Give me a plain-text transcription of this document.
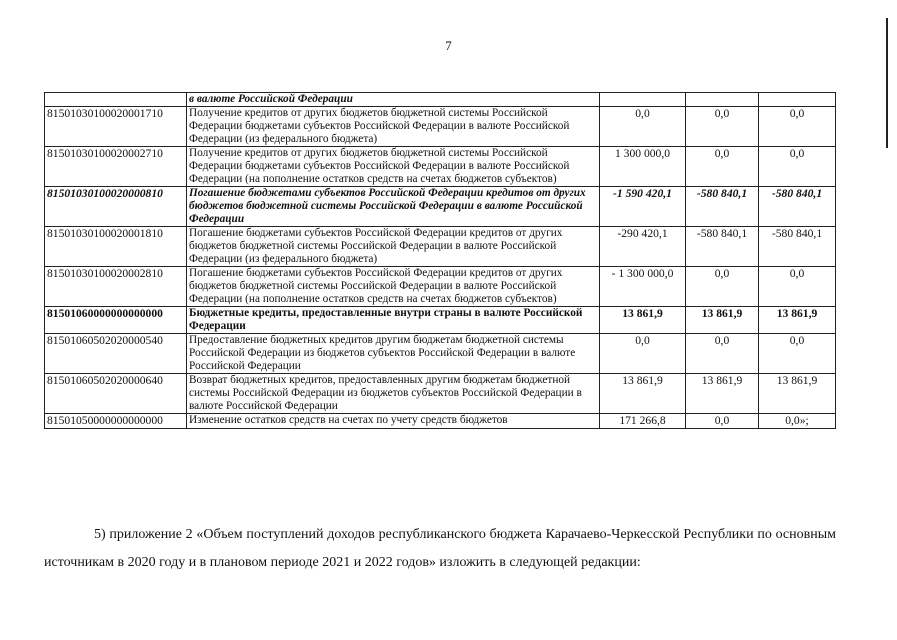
7
	в валюте Российской Федерации			
81501030100020001710	Получение кредитов от других бюджетов бюджетной системы Российской Федерации бюджетами субъектов Российской Федерации в валюте Российской Федерации (из федерального бюджета)	0,0	0,0	0,0
81501030100020002710	Получение кредитов от других бюджетов бюджетной системы Российской Федерации бюджетами субъектов Российской Федерации в валюте Российской Федерации (на пополнение остатков средств на счетах бюджетов субъектов)	1 300 000,0	0,0	0,0
81501030100020000810	Погашение бюджетами субъектов Российской Федерации кредитов от других бюджетов бюджетной системы Российской Федерации в валюте Российской Федерации	-1 590 420,1	-580 840,1	-580 840,1
81501030100020001810	Погашение бюджетами субъектов Российской Федерации кредитов от других бюджетов бюджетной системы Российской Федерации в валюте Российской Федерации (из федерального бюджета)	-290 420,1	-580 840,1	-580 840,1
81501030100020002810	Погашение бюджетами субъектов Российской Федерации кредитов от других бюджетов бюджетной системы Российской Федерации в валюте Российской Федерации (на пополнение остатков средств на счетах бюджетов субъектов)	- 1 300 000,0	0,0	0,0
81501060000000000000	Бюджетные кредиты, предоставленные внутри страны в валюте Российской Федерации	13 861,9	13 861,9	13 861,9
81501060502020000540	Предоставление бюджетных кредитов другим бюджетам бюджетной системы Российской Федерации из бюджетов субъектов Российской Федерации в валюте Российской Федерации	0,0	0,0	0,0
81501060502020000640	Возврат бюджетных кредитов, предоставленных другим бюджетам бюджетной системы Российской Федерации из бюджетов субъектов Российской Федерации в валюте Российской Федерации	13 861,9	13 861,9	13 861,9
81501050000000000000	Изменение остатков средств на счетах по учету средств бюджетов	171 266,8	0,0	0,0»;

5) приложение 2 «Объем поступлений доходов республиканского бюджета Карачаево-Черкесской Республики по основным источникам в 2020 году и в плановом периоде 2021 и 2022 годов» изложить в следующей редакции:
